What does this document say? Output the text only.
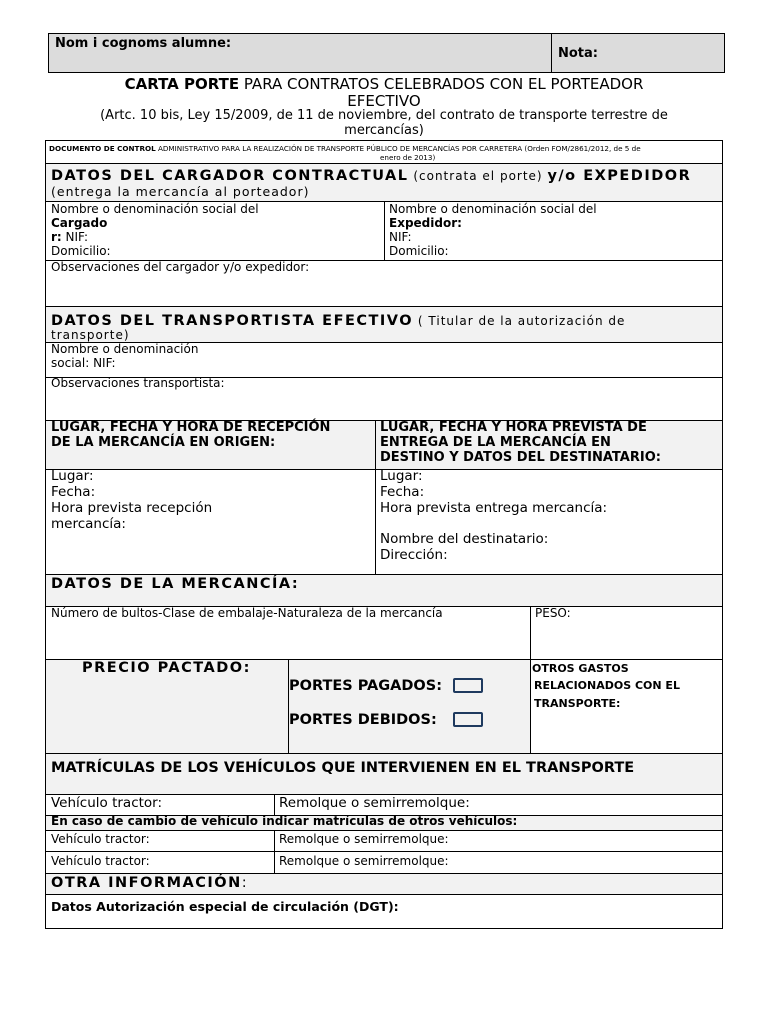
Nom i cognoms alumne:
Nota:
CARTA PORTE PARA CONTRATOS CELEBRADOS CON EL PORTEADOR
EFECTIVO
(Artc. 10 bis, Ley 15/2009, de 11 de noviembre, del contrato de transporte terrestre de
mercancías)
DOCUMENTO DE CONTROL ADMINISTRATIVO PARA LA REALIZACIÓN DE TRANSPORTE PÚBLICO DE MERCANCÍAS POR CARRETERA (Orden FOM/2861/2012, de 5 de
enero de 2013)
DATOS DEL CARGADOR CONTRACTUAL (contrata el porte) y/o EXPEDIDOR
(entrega la mercancía al porteador)
Nombre o denominación social del
Cargado
r: NIF:
Domicilio:
Nombre o denominación social del
Expedidor:
NIF:
Domicilio:
Observaciones del cargador y/o expedidor:
DATOS DEL TRANSPORTISTA EFECTIVO ( Titular de la autorización de
transporte)
Nombre o denominación
social: NIF:
Observaciones transportista:
LUGAR, FECHA Y HORA DE RECEPCIÓN
DE LA MERCANCÍA EN ORIGEN:
LUGAR, FECHA Y HORA PREVISTA DE
ENTREGA DE LA MERCANCÍA EN
DESTINO Y DATOS DEL DESTINATARIO:
Lugar:
Fecha:
Hora prevista recepción
mercancía:
Lugar:
Fecha:
Hora prevista entrega mercancía:
Nombre del destinatario:
Dirección:
DATOS DE LA MERCANCÍA:
Número de bultos-Clase de embalaje-Naturaleza de la mercancía	PESO:
PRECIO PACTADO:
PORTES PAGADOS:
PORTES DEBIDOS:
OTROS GASTOS
RELACIONADOS CON EL
TRANSPORTE:
MATRÍCULAS DE LOS VEHÍCULOS QUE INTERVIENEN EN EL TRANSPORTE
Vehículo tractor:	Remolque o semirremolque:
En caso de cambio de vehículo indicar matrículas de otros vehículos:
Vehículo tractor:	Remolque o semirremolque:
Vehículo tractor:	Remolque o semirremolque:
OTRA INFORMACIÓN:
Datos Autorización especial de circulación (DGT):
